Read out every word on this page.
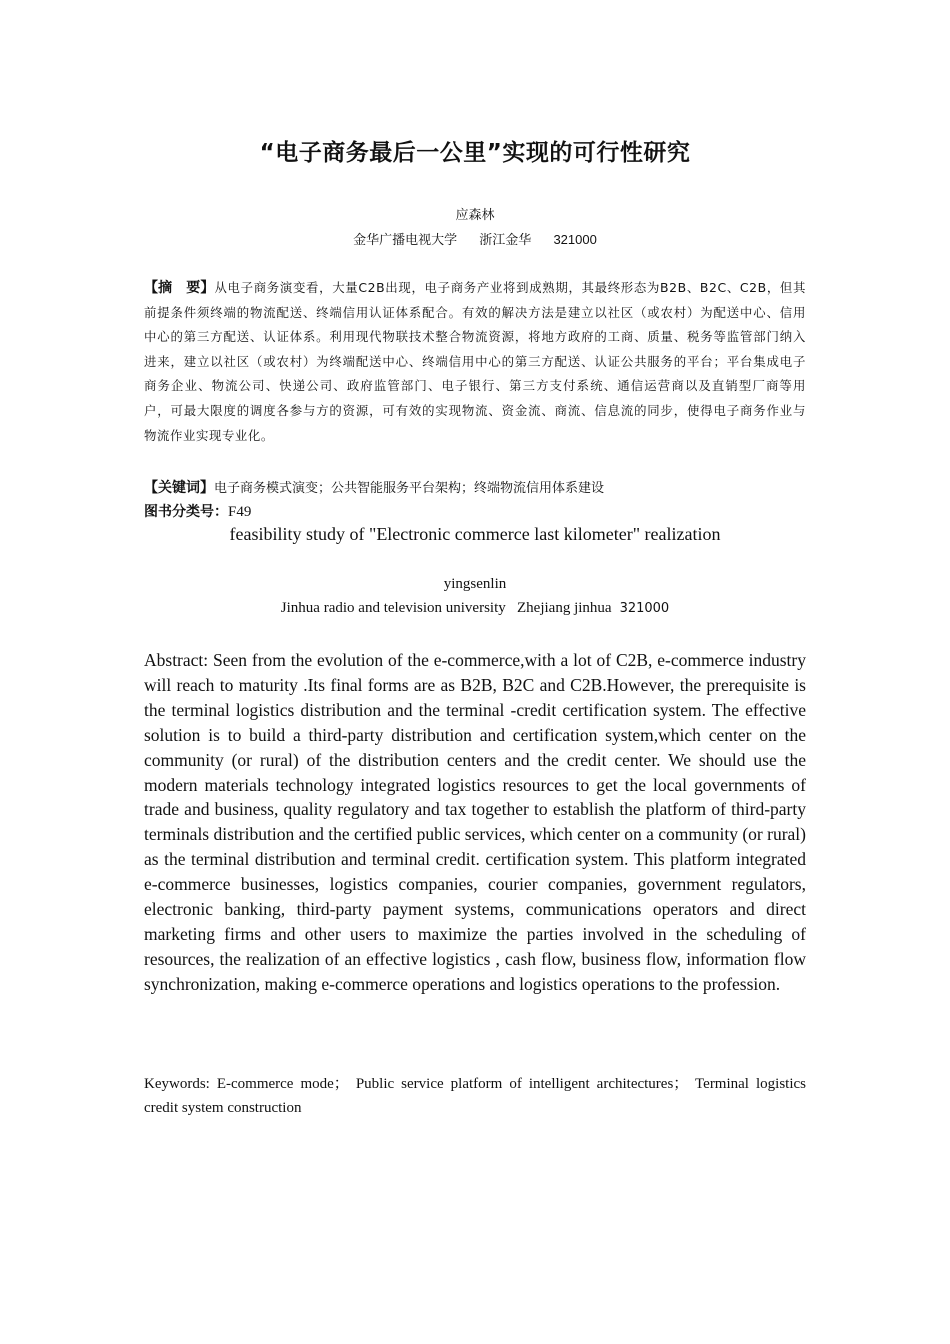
“电子商务最后一公里”实现的可行性研究
应森林
金华广播电视大学 浙江金华 321000
【摘　要】从电子商务演变看，大量C2B出现，电子商务产业将到成熟期，其最终形态为B2B、B2C、C2B，但其前提条件须终端的物流配送、终端信用认证体系配合。有效的解决方法是建立以社区（或农村）为配送中心、信用中心的第三方配送、认证体系。利用现代物联技术整合物流资源，将地方政府的工商、质量、税务等监管部门纳入进来，建立以社区（或农村）为终端配送中心、终端信用中心的第三方配送、认证公共服务的平台；平台集成电子商务企业、物流公司、快递公司、政府监管部门、电子银行、第三方支付系统、通信运营商以及直销型厂商等用户，可最大限度的调度各参与方的资源，可有效的实现物流、资金流、商流、信息流的同步，使得电子商务作业与物流作业实现专业化。
【关键词】电子商务模式演变；公共智能服务平台架构；终端物流信用体系建设
图书分类号：F49
feasibility study of "Electronic commerce last kilometer" realization
yingsenlin
Jinhua radio and television university   Zhejiang jinhua 321000
Abstract: Seen from the evolution of the e-commerce,with a lot of C2B, e-commerce industry will reach to maturity .Its final forms are as B2B, B2C and C2B.However, the prerequisite is the terminal logistics distribution and the terminal -credit certification system. The effective solution is to build a third-party distribution and certification system,which center on the community (or rural) of the distribution centers and the credit center. We should use the modern materials technology integrated logistics resources to get the local governments of trade and business, quality regulatory and tax together to establish the platform of third-party terminals distribution and the certified public services, which center on a community (or rural) as the terminal distribution and terminal credit. certification system. This platform integrated e-commerce businesses, logistics companies, courier companies, government regulators, electronic banking, third-party payment systems, communications operators and direct marketing firms and other users to maximize the parties involved in the scheduling of resources, the realization of an effective logistics , cash flow, business flow, information flow synchronization, making e-commerce operations and logistics operations to the profession.
Keywords: E-commerce mode； Public service platform of intelligent architectures； Terminal logistics credit system construction
